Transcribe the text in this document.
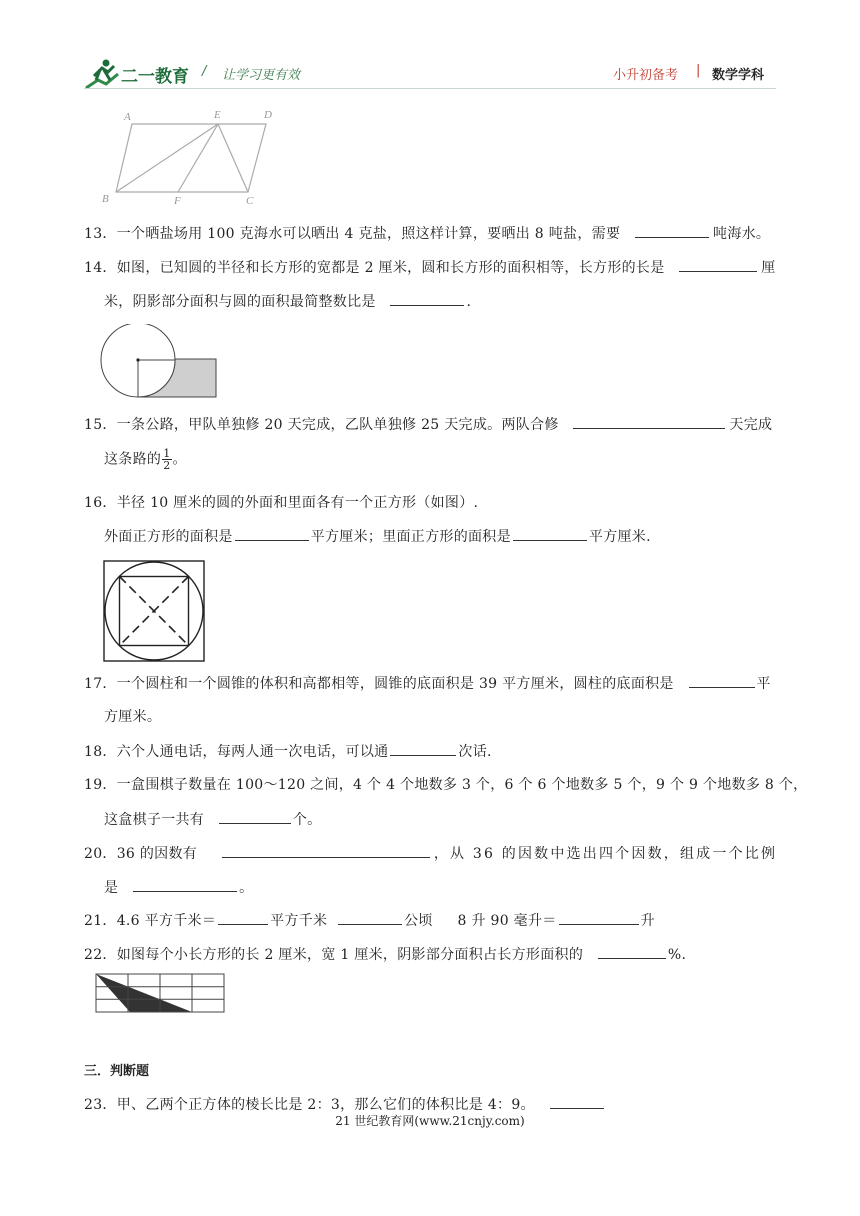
二一教育 / 让学习更有效	小升初备考 | 数学学科
A	E	D
B	F	C
13．一个晒盐场用 100 克海水可以晒出 4 克盐，照这样计算，要晒出 8 吨盐，需要	吨海水。
14．如图，已知圆的半径和长方形的宽都是 2 厘米，圆和长方形的面积相等，长方形的长是	厘
米，阴影部分面积与圆的面积最简整数比是	.
15．一条公路，甲队单独修 20 天完成，乙队单独修 25 天完成。两队合修	天完成
这条路的 $\frac{1}{2}$ 。
16．半径 10 厘米的圆的外面和里面各有一个正方形（如图）.
外面正方形的面积是	平方厘米；里面正方形的面积是	平方厘米.
17．一个圆柱和一个圆锥的体积和高都相等，圆锥的底面积是 39 平方厘米，圆柱的底面积是	平
方厘米。
18．六个人通电话，每两人通一次电话，可以通	次话.
19．一盒围棋子数量在 100～120 之间，4 个 4 个地数多 3 个，6 个 6 个地数多 5 个，9 个 9 个地数多 8 个，
这盒棋子一共有	个。
20．36 的因数有	，从 36 的因数中选出四个因数，组成一个比例
是	。
21．4.6 平方千米＝	平方千米	公顷 8 升 90 毫升＝	升
22．如图每个小长方形的长 2 厘米，宽 1 厘米，阴影部分面积占长方形面积的	%.
三．判断题
23．甲、乙两个正方体的棱长比是 2：3，那么它们的体积比是 4：9。
21 世纪教育网(www.21cnjy.com)
